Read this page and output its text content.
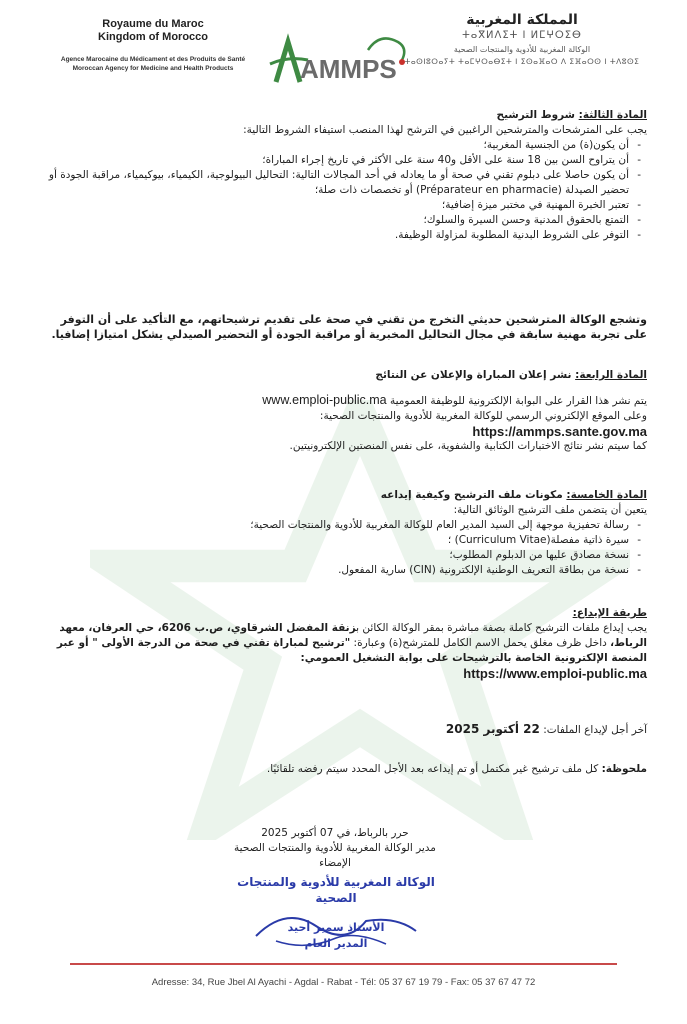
Royaume du Maroc
Kingdom of Morocco
Agence Marocaine du Médicament et des Produits de Santé
Moroccan Agency for Medicine and Health Products	AMMPS
المملكة المغربية
ⵜⴰⴳⵍⴷⵉⵜ ⵏ ⵍⵎⵖⵔⵉⴱ
الوكالة المغربية للأدوية والمنتجات الصحية
ⵜⴰⵙⵏⵓⵔⴰⵢⵜ ⵜⴰⵎⵖⵔⴰⴱⵉⵜ ⵏ ⵉⵙⴰⴼⴰⵔ ⴷ ⵉⴼⴰⵔⵙ ⵏ ⵜⴷⵓⵙⵉ
المادة الثالثة: شروط الترشيح
يجب على المترشحات والمترشحين الراغبين في الترشح لهذا المنصب استيفاء الشروط التالية:
- أن يكون(ة) من الجنسية المغربية؛
- أن يتراوح السن بين 18 سنة على الأقل و40 سنة على الأكثر في تاريخ إجراء المباراة؛
- أن يكون حاصلا على دبلوم تقني في صحة أو ما يعادله في أحد المجالات التالية: التحاليل البيولوجية، الكيمياء، بيوكيمياء، مراقبة الجودة أو تحضير الصيدلة (Préparateur en pharmacie) أو تخصصات ذات صلة؛
- تعتبر الخبرة المهنية في مختبر ميزة إضافية؛
- التمتع بالحقوق المدنية وحسن السيرة والسلوك؛
- التوفر على الشروط البدنية المطلوبة لمزاولة الوظيفة.
وتشجع الوكالة المترشحين حديثي التخرج من تقني في صحة على تقديم ترشيحاتهم، مع التأكيد على أن التوفر على تجربة مهنية سابقة في مجال التحاليل المخبرية أو مراقبة الجودة أو التحضير الصيدلي يشكل امتيازا إضافيا.
المادة الرابعة: نشر إعلان المباراة والإعلان عن النتائج
يتم نشر هذا القرار على البوابة الإلكترونية للوظيفة العمومية www.emploi-public.ma
وعلى الموقع الإلكتروني الرسمي للوكالة المغربية للأدوية والمنتجات الصحية:
https://ammps.sante.gov.ma
كما سيتم نشر نتائج الاختبارات الكتابية والشفوية، على نفس المنصتين الإلكترونيتين.
المادة الخامسة: مكونات ملف الترشيح وكيفية إيداعه
يتعين أن يتضمن ملف الترشيح الوثائق التالية:
- رسالة تحفيزية موجهة إلى السيد المدير العام للوكالة المغربية للأدوية والمنتجات الصحية؛
- سيرة ذاتية مفصلة(Curriculum Vitae) ؛
- نسخة مصادق عليها من الدبلوم المطلوب؛
- نسخة من بطاقة التعريف الوطنية الإلكترونية (CIN) سارية المفعول.
طريقة الإيداع:
يجب إيداع ملفات الترشيح كاملة بصفة مباشرة بمقر الوكالة الكائن بزنقة المفضل الشرقاوي، ص.ب 6206، حي العرفان، معهد الرباط، داخل ظرف مغلق يحمل الاسم الكامل للمترشح(ة) وعبارة: "ترشيح لمباراة تقني في صحة من الدرجة الأولى " أو عبر المنصة الإلكترونية الخاصة بالترشيحات على بوابة التشغيل العمومي:
https://www.emploi-public.ma
آخر أجل لإيداع الملفات: 22 أكتوبر 2025
ملحوظة: كل ملف ترشيح غير مكتمل أو تم إيداعه بعد الأجل المحدد سيتم رفضه تلقائيًا.
حرر بالرباط، في 07 أكتوبر 2025
مدير الوكالة المغربية للأدوية والمنتجات الصحية
الإمضاء
الوكالة المغربية للأدوية والمنتجات
الصحية
الأستاذ سمير أحيد
المدير العام
Adresse: 34, Rue Jbel Al Ayachi - Agdal - Rabat - Tél: 05 37 67 19 79 - Fax: 05 37 67 47 72
